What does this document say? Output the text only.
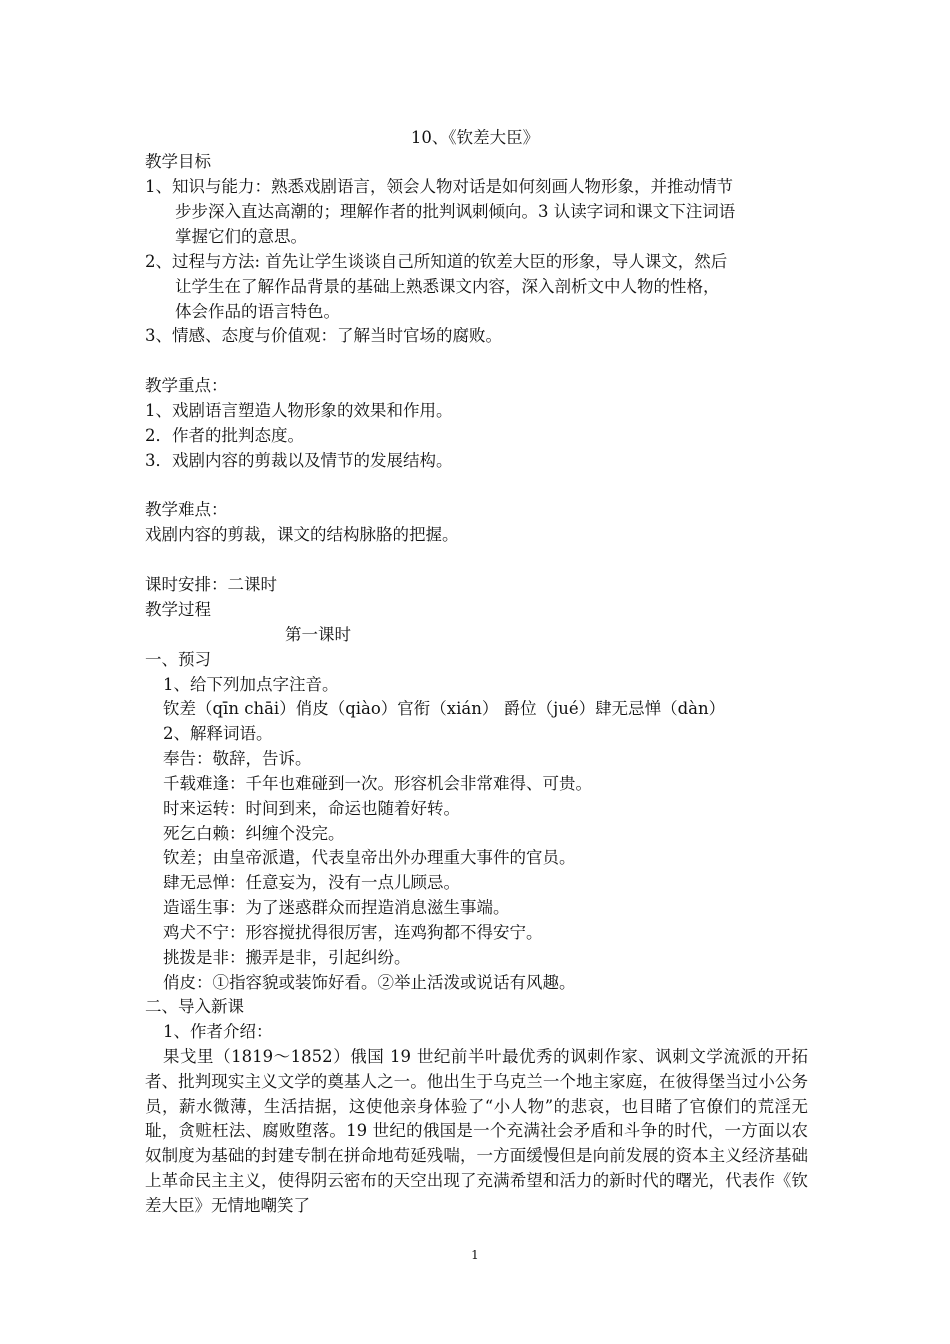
10、《钦差大臣》
教学目标
1、知识与能力：熟悉戏剧语言，领会人物对话是如何刻画人物形象，并推动情节
步步深入直达高潮的；理解作者的批判讽刺倾向。3 认读字词和课文下注词语
掌握它们的意思。
2、过程与方法: 首先让学生谈谈自己所知道的钦差大臣的形象，导人课文，然后
让学生在了解作品背景的基础上熟悉课文内容，深入剖析文中人物的性格，
体会作品的语言特色。
3、情感、态度与价值观：了解当时官场的腐败。
教学重点：
1、戏剧语言塑造人物形象的效果和作用。
2．作者的批判态度。
3．戏剧内容的剪裁以及情节的发展结构。
教学难点：
戏剧内容的剪裁，课文的结构脉胳的把握。
课时安排：二课时
教学过程
第一课时
一、预习
1、给下列加点字注音。
钦差（qīn chāi）俏皮（qiào）官衔（xián） 爵位（jué）肆无忌惮（dàn）
2、解释词语。
奉告：敬辞，告诉。
千载难逢：千年也难碰到一次。形容机会非常难得、可贵。
时来运转：时间到来，命运也随着好转。
死乞白赖：纠缠个没完。
钦差；由皇帝派遣，代表皇帝出外办理重大事件的官员。
肆无忌惮：任意妄为，没有一点儿顾忌。
造谣生事：为了迷惑群众而捏造消息滋生事端。
鸡犬不宁：形容搅扰得很厉害，连鸡狗都不得安宁。
挑拨是非：搬弄是非，引起纠纷。
俏皮：①指容貌或装饰好看。②举止活泼或说话有风趣。
二、导入新课
1、作者介绍：
果戈里（1819～1852）俄国 19 世纪前半叶最优秀的讽刺作家、讽刺文学流派的开拓者、批判现实主义文学的奠基人之一。他出生于乌克兰一个地主家庭，在彼得堡当过小公务员，薪水微薄，生活拮据，这使他亲身体验了“小人物”的悲哀，也目睹了官僚们的荒淫无耻，贪赃枉法、腐败堕落。19 世纪的俄国是一个充满社会矛盾和斗争的时代，一方面以农奴制度为基础的封建专制在拼命地苟延残喘，一方面缓慢但是向前发展的资本主义经济基础上革命民主主义，使得阴云密布的天空出现了充满希望和活力的新时代的曙光，代表作《钦差大臣》无情地嘲笑了
1
